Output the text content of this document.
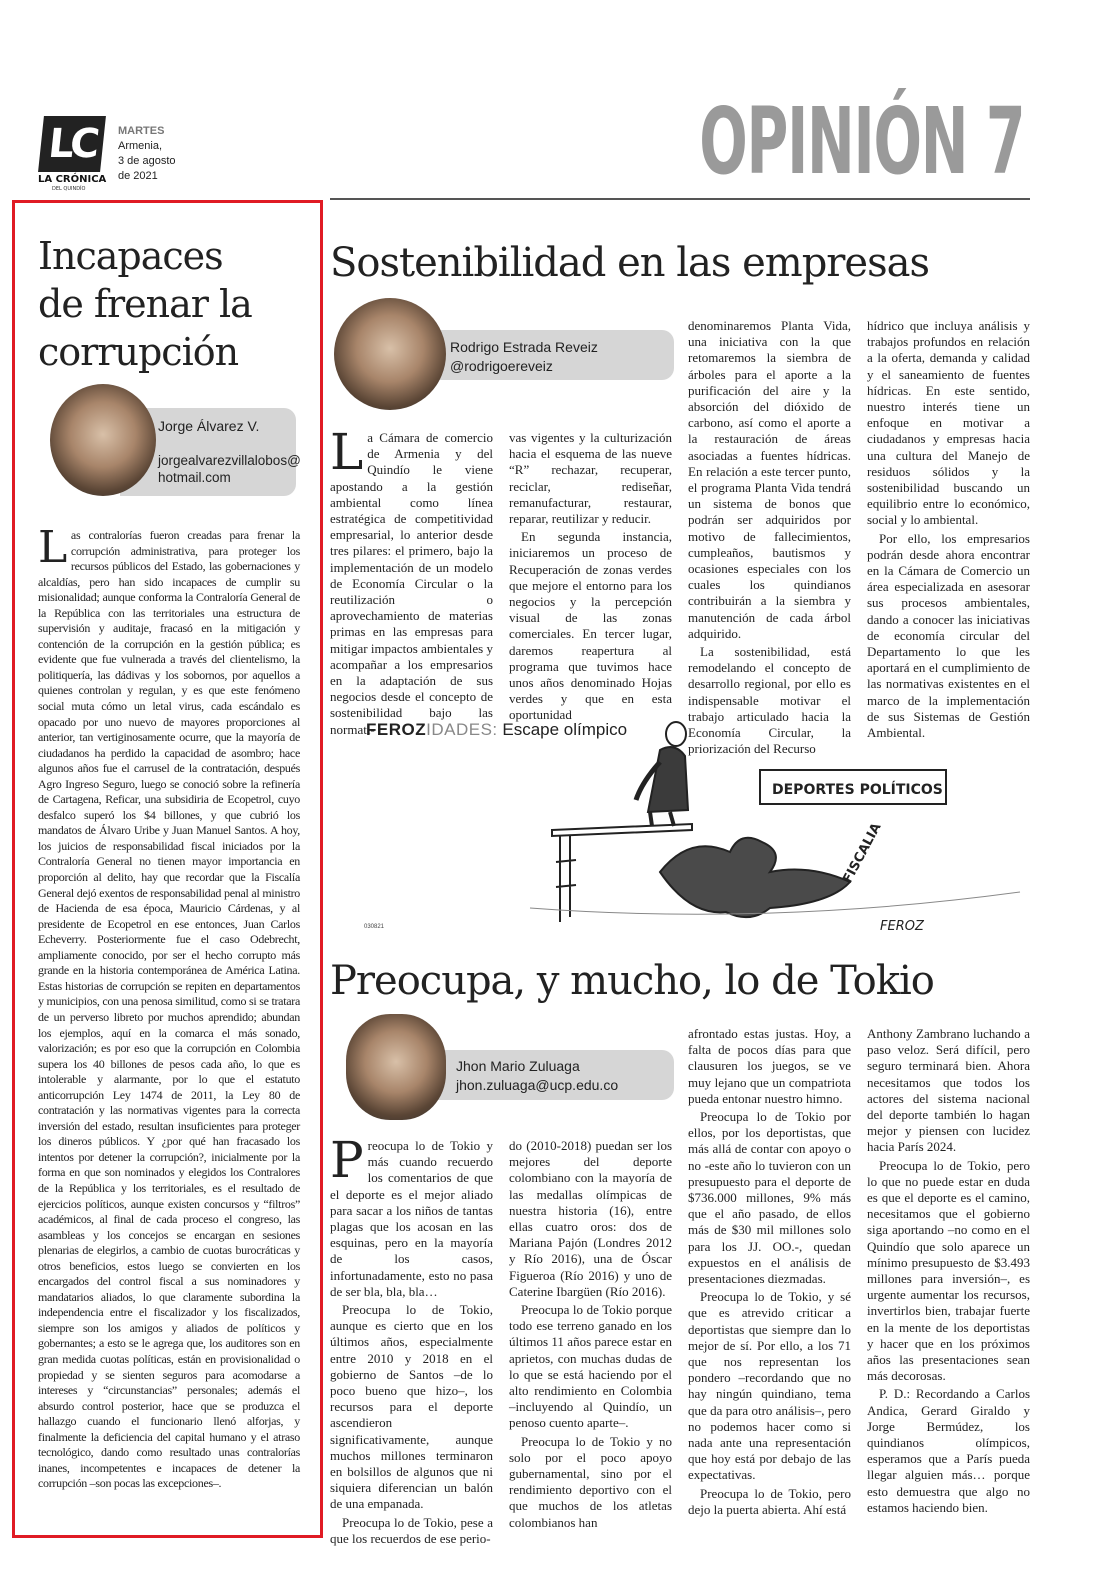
LC
LA CRÓNICA
DEL QUINDÍO
MARTES
Armenia,
3 de agosto
de 2021	OPINIÓN 7
Incapaces
de frenar la
corrupción
Jorge Álvarez V.
jorgealvarezvillalobos@
hotmail.com
L as contralorías fueron creadas para frenar la corrupción administrativa, para proteger los recursos públicos del Estado, las gobernaciones y alcaldías, pero han sido incapaces de cumplir su misionalidad; aunque conforma la Contraloría General de la República con las territoriales una estructura de supervisión y auditaje, fracasó en la mitigación y contención de la corrupción en la gestión pública; es evidente que fue vulnerada a través del clientelismo, la politiquería, las dádivas y los sobornos, por aquellos a quienes controlan y regulan, y es que este fenómeno social muta cómo un letal virus, cada escándalo es opacado por uno nuevo de mayores proporciones al anterior, tan vertiginosamente ocurre, que la mayoría de ciudadanos ha perdido la capacidad de asombro; hace algunos años fue el carrusel de la contratación, después Agro Ingreso Seguro, luego se conoció sobre la refinería de Cartagena, Reficar, una subsidiria de Ecopetrol, cuyo desfalco superó los $4 billones, y que cubrió los mandatos de Álvaro Uribe y Juan Manuel Santos. A hoy, los juicios de responsabilidad fiscal iniciados por la Contraloría General no tienen mayor importancia en proporción al delito, hay que recordar que la Fiscalía General dejó exentos de responsabilidad penal al ministro de Hacienda de esa época, Mauricio Cárdenas, y al presidente de Ecopetrol en ese entonces, Juan Carlos Echeverry. Posteriormente fue el caso Odebrecht, ampliamente conocido, por ser el hecho corrupto más grande en la historia contemporánea de América Latina. Estas historias de corrupción se repiten en departamentos y municipios, con una penosa similitud, como si se tratara de un perverso libreto por muchos aprendido; abundan los ejemplos, aquí en la comarca el más sonado, valorización; es por eso que la corrupción en Colombia supera los 40 billones de pesos cada año, lo que es intolerable y alarmante, por lo que el estatuto anticorrupción Ley 1474 de 2011, la Ley 80 de contratación y las normativas vigentes para la correcta inversión del estado, resultan insuficientes para proteger los dineros públicos. Y ¿por qué han fracasado los intentos por detener la corrupción?, inicialmente por la forma en que son nominados y elegidos los Contralores de la República y los territoriales, es el resultado de ejercicios políticos, aunque existen concursos y “filtros” académicos, al final de cada proceso el congreso, las asambleas y los concejos se encargan en sesiones plenarias de elegirlos, a cambio de cuotas burocráticas y otros beneficios, estos luego se convierten en los encargados del control fiscal a sus nominadores y mandatarios aliados, lo que claramente subordina la independencia entre el fiscalizador y los fiscalizados, siempre son los amigos y aliados de políticos y gobernantes; a esto se le agrega que, los auditores son en gran medida cuotas políticas, están en provisionalidad o propiedad y se sienten seguros para acomodarse a intereses y “circunstancias” personales; además el absurdo control posterior, hace que se produzca el hallazgo cuando el funcionario llenó alforjas, y finalmente la deficiencia del capital humano y el atraso tecnológico, dando como resultado unas contralorías inanes, incompetentes e incapaces de detener la corrupción –son pocas las excepciones–.

Sostenibilidad en las empresas
Rodrigo Estrada Reveiz
@rodrigoereveiz
L a Cámara de comercio de Armenia y del Quindío le viene apostando a la gestión ambiental como línea estratégica de competitividad empresarial, lo anterior desde tres pilares: el primero, bajo la implementación de un modelo de Economía Circular o la reutilización o aprovechamiento de materias primas en las empresas para mitigar impactos ambientales y acompañar a los empresarios en la adaptación de sus negocios desde el concepto de sostenibilidad bajo las normati-

vas vigentes y la culturización hacia el esquema de las nueve “R” rechazar, recuperar, reciclar, rediseñar, remanufacturar, restaurar, reparar, reutilizar y reducir.

En segunda instancia, iniciaremos un proceso de Recuperación de zonas verdes que mejore el entorno para los negocios y la percepción visual de las zonas comerciales. En tercer lugar, daremos reapertura al programa que tuvimos hace unos años denominado Hojas verdes y que en esta oportunidad

denominaremos Planta Vida, una iniciativa con la que retomaremos la siembra de árboles para el aporte a la purificación del aire y la absorción del dióxido de carbono, así como el aporte a la restauración de áreas asociadas a fuentes hídricas. En relación a este tercer punto, el programa Planta Vida tendrá un sistema de bonos que podrán ser adquiridos por motivo de fallecimientos, cumpleaños, bautismos y ocasiones especiales con los cuales los quindianos contribuirán a la siembra y manutención de cada árbol adquirido.

La sostenibilidad, está remodelando el concepto de desarrollo regional, por ello es indispensable motivar el trabajo articulado hacia la Economía Circular, la priorización del Recurso

hídrico que incluya análisis y trabajos profundos en relación a la oferta, demanda y calidad y el saneamiento de fuentes hídricas. En este sentido, nuestro interés tiene un enfoque en motivar a ciudadanos y empresas hacia una cultura del Manejo de residuos sólidos y la sostenibilidad buscando un equilibrio entre lo económico, social y lo ambiental.

Por ello, los empresarios podrán desde ahora encontrar en la Cámara de Comercio un área especializada en asesorar sus procesos ambientales, dando a conocer las iniciativas de economía circular del Departamento lo que les aportará en el cumplimiento de las normativas existentes en el marco de la implementación de sus Sistemas de Gestión Ambiental.

FEROZIDADES: Escape olímpico
DEPORTES POLÍTICOS
FISCALIA
FEROZ
030821
Preocupa, y mucho, lo de Tokio
Jhon Mario Zuluaga
jhon.zuluaga@ucp.edu.co
P reocupa lo de Tokio y más cuando recuerdo los comentarios de que el deporte es el mejor aliado para sacar a los niños de tantas plagas que los acosan en las esquinas, pero en la mayoría de los casos, infortunadamente, esto no pasa de ser bla, bla, bla…

Preocupa lo de Tokio, aunque es cierto que en los últimos años, especialmente entre 2010 y 2018 en el gobierno de Santos –de lo poco bueno que hizo–, los recursos para el deporte ascendieron significativamente, aunque muchos millones terminaron en bolsillos de algunos que ni siquiera diferencian un balón de una empanada.

Preocupa lo de Tokio, pese a que los recuerdos de ese perio-

do (2010-2018) puedan ser los mejores del deporte colombiano con la mayoría de las medallas olímpicas de nuestra historia (16), entre ellas cuatro oros: dos de Mariana Pajón (Londres 2012 y Río 2016), una de Óscar Figueroa (Río 2016) y uno de Caterine Ibargüen (Río 2016).

Preocupa lo de Tokio porque todo ese terreno ganado en los últimos 11 años parece estar en aprietos, con muchas dudas de lo que se está haciendo por el alto rendimiento en Colombia –incluyendo al Quindío, un penoso cuento aparte–.

Preocupa lo de Tokio y no solo por el poco apoyo gubernamental, sino por el rendimiento deportivo con el que muchos de los atletas colombianos han

afrontado estas justas. Hoy, a falta de pocos días para que clausuren los juegos, se ve muy lejano que un compatriota pueda entonar nuestro himno.

Preocupa lo de Tokio por ellos, por los deportistas, que más allá de contar con apoyo o no -este año lo tuvieron con un presupuesto para el deporte de $736.000 millones, 9% más que el año pasado, de ellos más de $30 mil millones solo para los JJ. OO.-, quedan expuestos en el análisis de presentaciones diezmadas.

Preocupa lo de Tokio, y sé que es atrevido criticar a deportistas que siempre dan lo mejor de sí. Por ello, a los 71 que nos representan los pondero –recordando que no hay ningún quindiano, tema que da para otro análisis–, pero no podemos hacer como si nada ante una representación que hoy está por debajo de las expectativas.

Preocupa lo de Tokio, pero dejo la puerta abierta. Ahí está

Anthony Zambrano luchando a paso veloz. Será difícil, pero seguro terminará bien. Ahora necesitamos que todos los actores del sistema nacional del deporte también lo hagan mejor y piensen con lucidez hacia París 2024.

Preocupa lo de Tokio, pero lo que no puede estar en duda es que el deporte es el camino, necesitamos que el gobierno siga aportando –no como en el Quindío que solo aparece un mínimo presupuesto de $3.493 millones para inversión–, es urgente aumentar los recursos, invertirlos bien, trabajar fuerte en la mente de los deportistas y hacer que en los próximos años las presentaciones sean más decorosas.

P. D.: Recordando a Carlos Andica, Gerard Giraldo y Jorge Bermúdez, los quindianos olímpicos, esperamos que a París pueda llegar alguien más… porque esto demuestra que algo no estamos haciendo bien.
